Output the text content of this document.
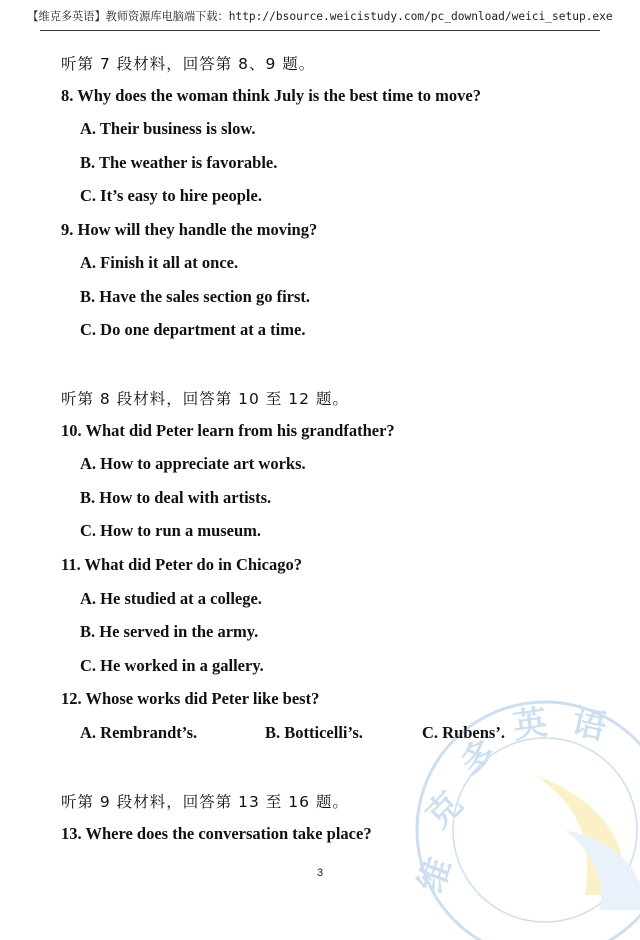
【维克多英语】教师资源库电脑端下载：http://bsource.weicistudy.com/pc_download/weici_setup.exe
听第 7 段材料，回答第 8、9 题。
8. Why does the woman think July is the best time to move?
A. Their business is slow.
B. The weather is favorable.
C. It’s easy to hire people.
9. How will they handle the moving?
A. Finish it all at once.
B. Have the sales section go first.
C. Do one department at a time.
听第 8 段材料，回答第 10 至 12 题。
10. What did Peter learn from his grandfather?
A. How to appreciate art works.
B. How to deal with artists.
C. How to run a museum.
11. What did Peter do in Chicago?
A. He studied at a college.
B. He served in the army.
C. He worked in a gallery.
12. Whose works did Peter like best?
A. Rembrandt’s.	B. Botticelli’s.	C. Rubens’.
听第 9 段材料，回答第 13 至 16 题。
13. Where does the conversation take place?
3	维
克
多
英 语
